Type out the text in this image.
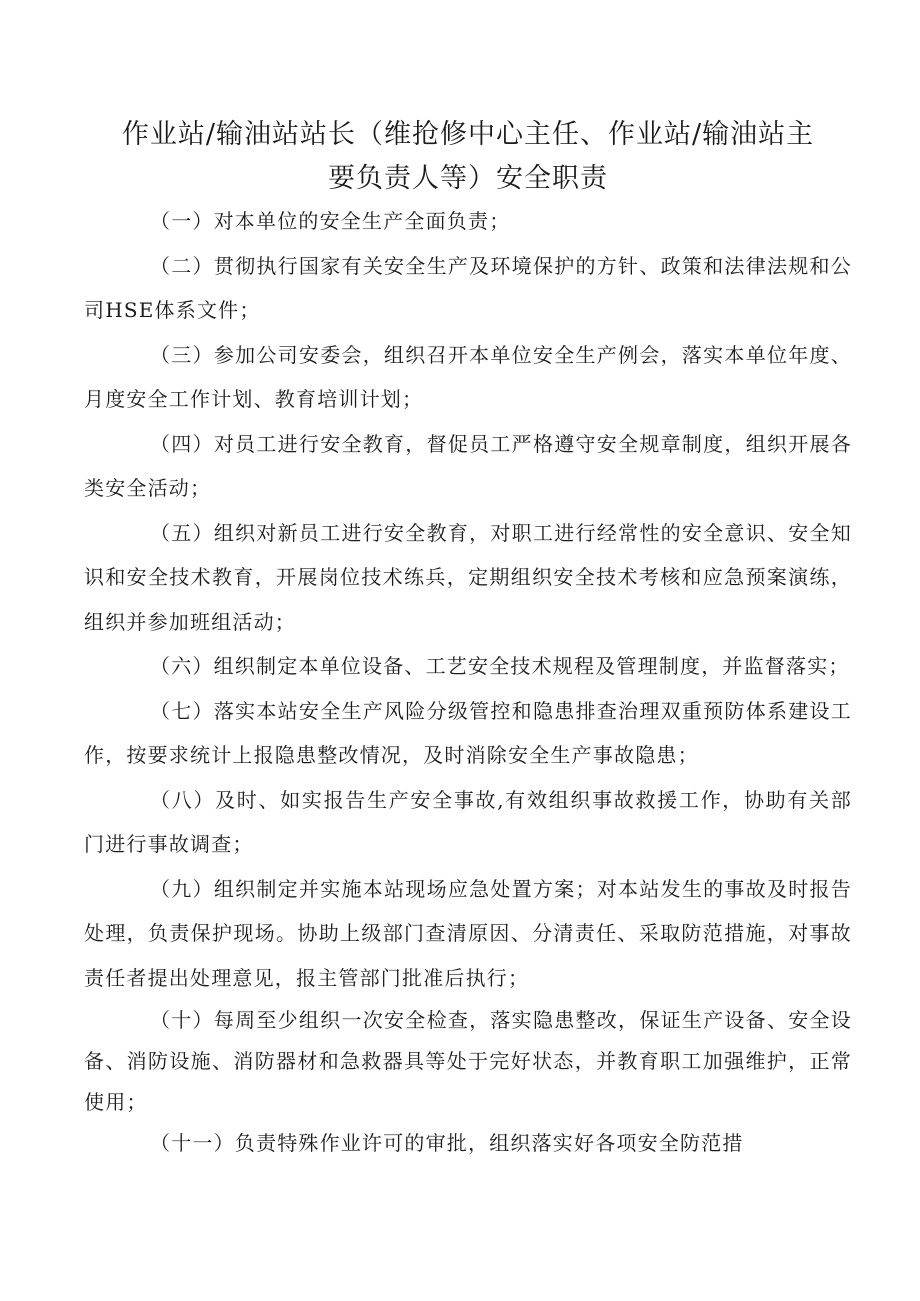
作业站/输油站站长（维抢修中心主任、作业站/输油站主
要负责人等）安全职责

（一）对本单位的安全生产全面负责；

（二）贯彻执行国家有关安全生产及环境保护的方针、政策和法律法规和公司HSE体系文件；

（三）参加公司安委会，组织召开本单位安全生产例会，落实本单位年度、月度安全工作计划、教育培训计划；

（四）对员工进行安全教育，督促员工严格遵守安全规章制度，组织开展各类安全活动；

（五）组织对新员工进行安全教育，对职工进行经常性的安全意识、安全知识和安全技术教育，开展岗位技术练兵，定期组织安全技术考核和应急预案演练，组织并参加班组活动；

（六）组织制定本单位设备、工艺安全技术规程及管理制度，并监督落实；

（七）落实本站安全生产风险分级管控和隐患排查治理双重预防体系建设工作，按要求统计上报隐患整改情况，及时消除安全生产事故隐患；

（八）及时、如实报告生产安全事故,有效组织事故救援工作，协助有关部门进行事故调查；

（九）组织制定并实施本站现场应急处置方案；对本站发生的事故及时报告处理，负责保护现场。协助上级部门查清原因、分清责任、采取防范措施，对事故责任者提出处理意见，报主管部门批准后执行；

（十）每周至少组织一次安全检查，落实隐患整改，保证生产设备、安全设备、消防设施、消防器材和急救器具等处于完好状态，并教育职工加强维护，正常使用；

（十一）负责特殊作业许可的审批，组织落实好各项安全防范措
